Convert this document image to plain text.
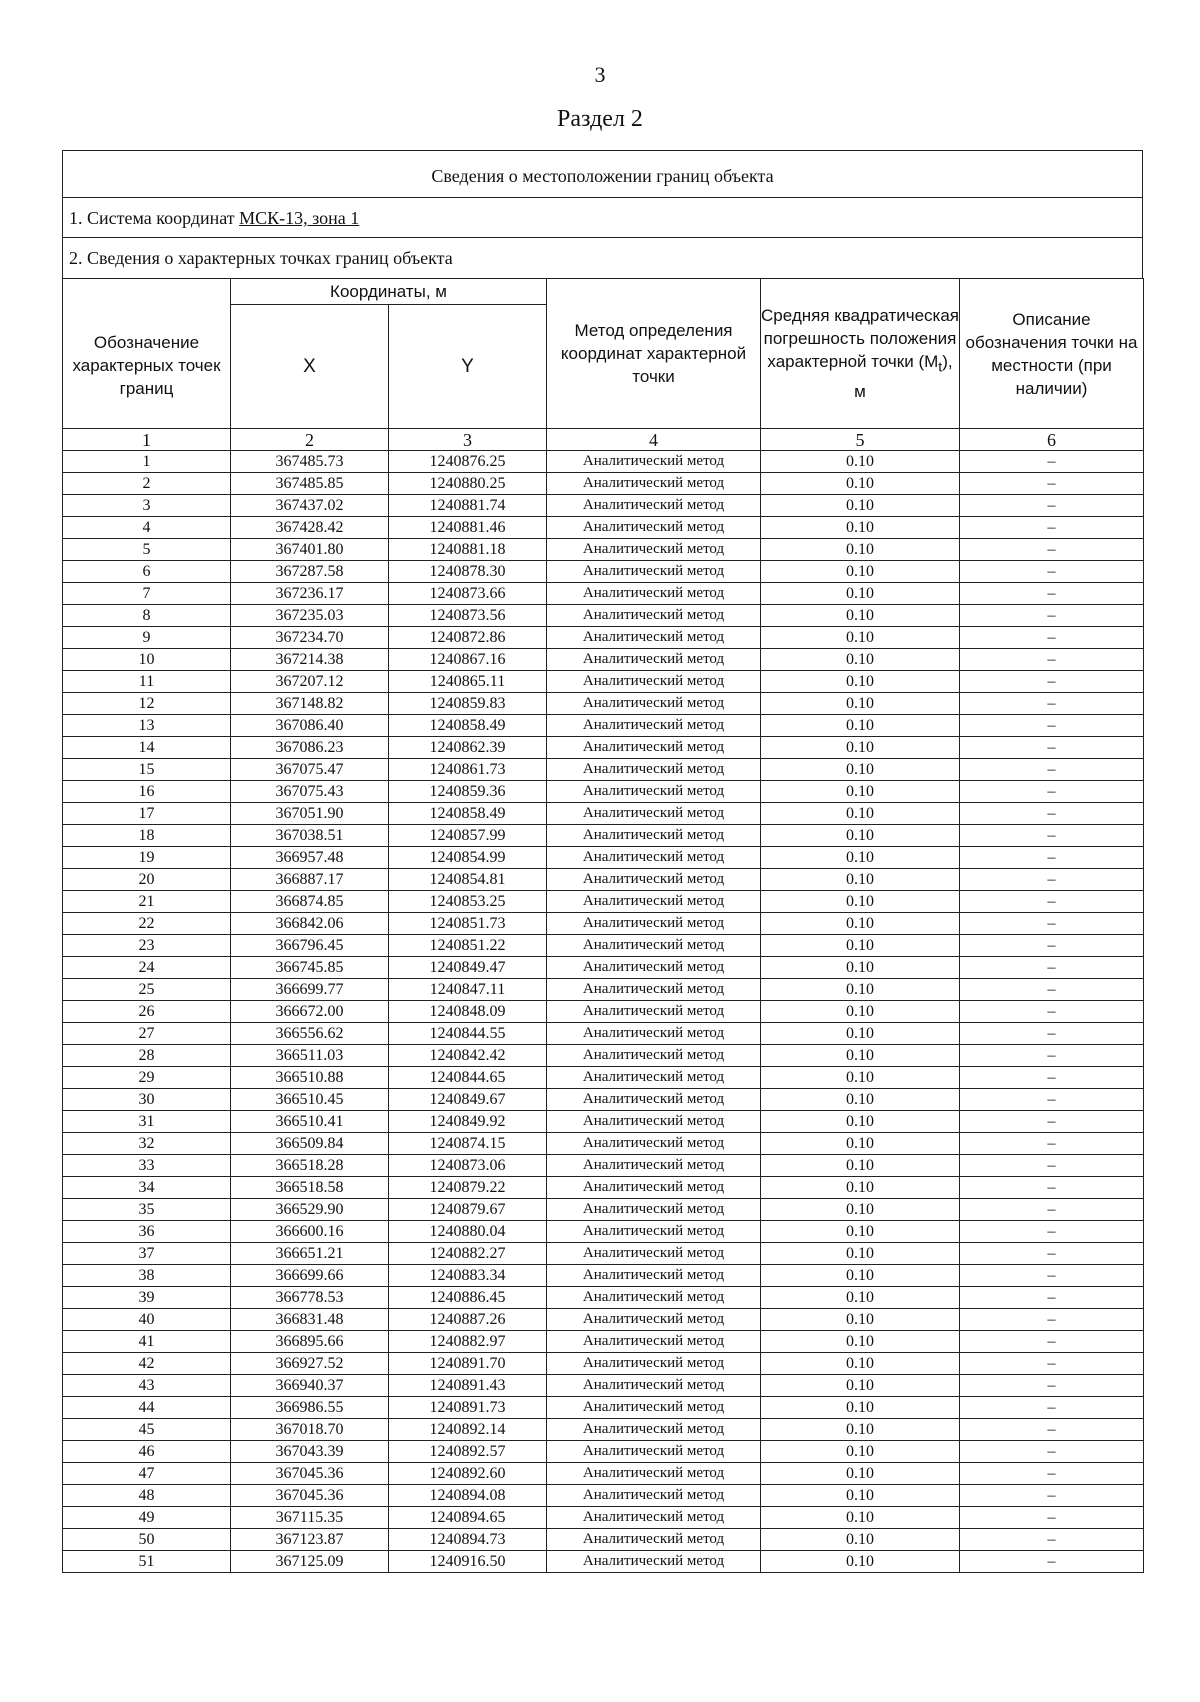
3
Раздел 2
Сведения о местоположении границ объекта
1. Система координат МСК-13, зона 1
2. Сведения о характерных точках границ объекта
Обозначение характерных точек границ	Координаты, м		Метод определения координат характерной точки	Средняя квадратическая погрешность положения характерной точки $(M_t)$, м	Описание обозначения точки на местности (при наличии)
	X	Y			
1	2	3	4	5	6
1	367485.73	1240876.25	Аналитический метод	0.10	–
2	367485.85	1240880.25	Аналитический метод	0.10	–
3	367437.02	1240881.74	Аналитический метод	0.10	–
4	367428.42	1240881.46	Аналитический метод	0.10	–
5	367401.80	1240881.18	Аналитический метод	0.10	–
6	367287.58	1240878.30	Аналитический метод	0.10	–
7	367236.17	1240873.66	Аналитический метод	0.10	–
8	367235.03	1240873.56	Аналитический метод	0.10	–
9	367234.70	1240872.86	Аналитический метод	0.10	–
10	367214.38	1240867.16	Аналитический метод	0.10	–
11	367207.12	1240865.11	Аналитический метод	0.10	–
12	367148.82	1240859.83	Аналитический метод	0.10	–
13	367086.40	1240858.49	Аналитический метод	0.10	–
14	367086.23	1240862.39	Аналитический метод	0.10	–
15	367075.47	1240861.73	Аналитический метод	0.10	–
16	367075.43	1240859.36	Аналитический метод	0.10	–
17	367051.90	1240858.49	Аналитический метод	0.10	–
18	367038.51	1240857.99	Аналитический метод	0.10	–
19	366957.48	1240854.99	Аналитический метод	0.10	–
20	366887.17	1240854.81	Аналитический метод	0.10	–
21	366874.85	1240853.25	Аналитический метод	0.10	–
22	366842.06	1240851.73	Аналитический метод	0.10	–
23	366796.45	1240851.22	Аналитический метод	0.10	–
24	366745.85	1240849.47	Аналитический метод	0.10	–
25	366699.77	1240847.11	Аналитический метод	0.10	–
26	366672.00	1240848.09	Аналитический метод	0.10	–
27	366556.62	1240844.55	Аналитический метод	0.10	–
28	366511.03	1240842.42	Аналитический метод	0.10	–
29	366510.88	1240844.65	Аналитический метод	0.10	–
30	366510.45	1240849.67	Аналитический метод	0.10	–
31	366510.41	1240849.92	Аналитический метод	0.10	–
32	366509.84	1240874.15	Аналитический метод	0.10	–
33	366518.28	1240873.06	Аналитический метод	0.10	–
34	366518.58	1240879.22	Аналитический метод	0.10	–
35	366529.90	1240879.67	Аналитический метод	0.10	–
36	366600.16	1240880.04	Аналитический метод	0.10	–
37	366651.21	1240882.27	Аналитический метод	0.10	–
38	366699.66	1240883.34	Аналитический метод	0.10	–
39	366778.53	1240886.45	Аналитический метод	0.10	–
40	366831.48	1240887.26	Аналитический метод	0.10	–
41	366895.66	1240882.97	Аналитический метод	0.10	–
42	366927.52	1240891.70	Аналитический метод	0.10	–
43	366940.37	1240891.43	Аналитический метод	0.10	–
44	366986.55	1240891.73	Аналитический метод	0.10	–
45	367018.70	1240892.14	Аналитический метод	0.10	–
46	367043.39	1240892.57	Аналитический метод	0.10	–
47	367045.36	1240892.60	Аналитический метод	0.10	–
48	367045.36	1240894.08	Аналитический метод	0.10	–
49	367115.35	1240894.65	Аналитический метод	0.10	–
50	367123.87	1240894.73	Аналитический метод	0.10	–
51	367125.09	1240916.50	Аналитический метод	0.10	–
